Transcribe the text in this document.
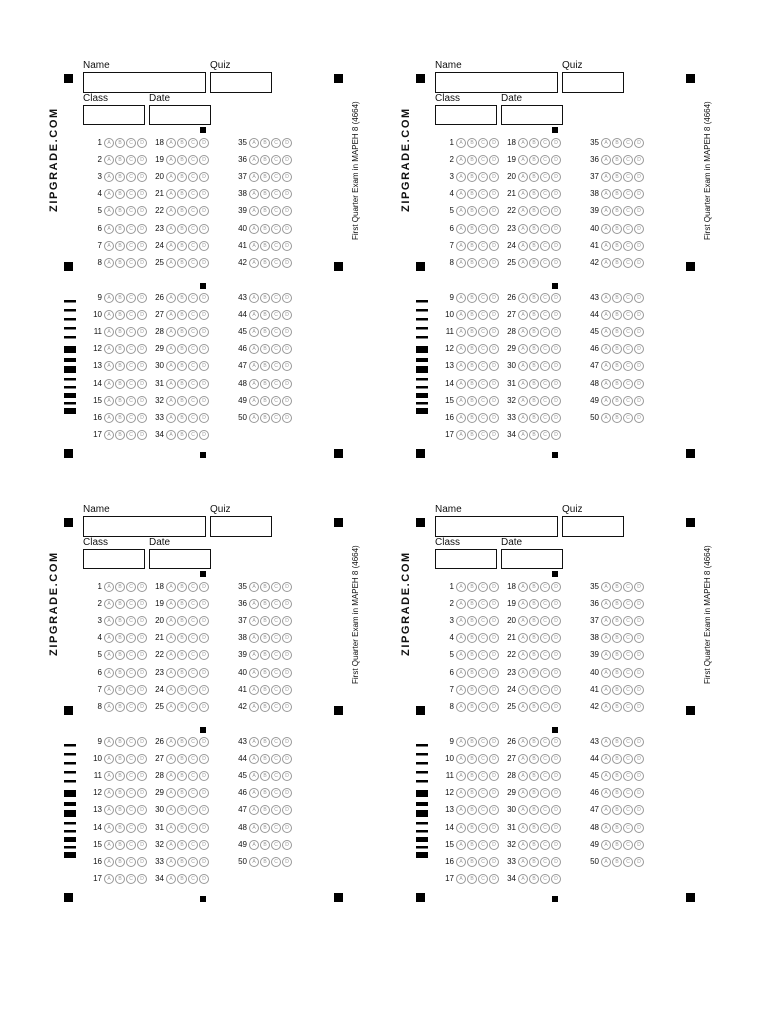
Name	Quiz
Class	Date
ZIPGRADE.COM	First Quarter Exam in MAPEH 8 (4664)
1 A B C D
2 A B C D
3 A B C D
4 A B C D
5 A B C D
6 A B C D
7 A B C D
8 A B C D
18 A B C D
19 A B C D
20 A B C D
21 A B C D
22 A B C D
23 A B C D
24 A B C D
25 A B C D
35 A B C D
36 A B C D
37 A B C D
38 A B C D
39 A B C D
40 A B C D
41 A B C D
42 A B C D
9 A B C D
10 A B C D
11 A B C D
12 A B C D
13 A B C D
14 A B C D
15 A B C D
16 A B C D
17 A B C D
26 A B C D
27 A B C D
28 A B C D
29 A B C D
30 A B C D
31 A B C D
32 A B C D
33 A B C D
34 A B C D
43 A B C D
44 A B C D
45 A B C D
46 A B C D
47 A B C D
48 A B C D
49 A B C D
50 A B C D
Name	Quiz
Class	Date
ZIPGRADE.COM	First Quarter Exam in MAPEH 8 (4664)
1 A B C D
2 A B C D
3 A B C D
4 A B C D
5 A B C D
6 A B C D
7 A B C D
8 A B C D
18 A B C D
19 A B C D
20 A B C D
21 A B C D
22 A B C D
23 A B C D
24 A B C D
25 A B C D
35 A B C D
36 A B C D
37 A B C D
38 A B C D
39 A B C D
40 A B C D
41 A B C D
42 A B C D
9 A B C D
10 A B C D
11 A B C D
12 A B C D
13 A B C D
14 A B C D
15 A B C D
16 A B C D
17 A B C D
26 A B C D
27 A B C D
28 A B C D
29 A B C D
30 A B C D
31 A B C D
32 A B C D
33 A B C D
34 A B C D
43 A B C D
44 A B C D
45 A B C D
46 A B C D
47 A B C D
48 A B C D
49 A B C D
50 A B C D
Name	Quiz
Class	Date
ZIPGRADE.COM	First Quarter Exam in MAPEH 8 (4664)
1 A B C D
2 A B C D
3 A B C D
4 A B C D
5 A B C D
6 A B C D
7 A B C D
8 A B C D
18 A B C D
19 A B C D
20 A B C D
21 A B C D
22 A B C D
23 A B C D
24 A B C D
25 A B C D
35 A B C D
36 A B C D
37 A B C D
38 A B C D
39 A B C D
40 A B C D
41 A B C D
42 A B C D
9 A B C D
10 A B C D
11 A B C D
12 A B C D
13 A B C D
14 A B C D
15 A B C D
16 A B C D
17 A B C D
26 A B C D
27 A B C D
28 A B C D
29 A B C D
30 A B C D
31 A B C D
32 A B C D
33 A B C D
34 A B C D
43 A B C D
44 A B C D
45 A B C D
46 A B C D
47 A B C D
48 A B C D
49 A B C D
50 A B C D
Name	Quiz
Class	Date
ZIPGRADE.COM	First Quarter Exam in MAPEH 8 (4664)
1 A B C D
2 A B C D
3 A B C D
4 A B C D
5 A B C D
6 A B C D
7 A B C D
8 A B C D
18 A B C D
19 A B C D
20 A B C D
21 A B C D
22 A B C D
23 A B C D
24 A B C D
25 A B C D
35 A B C D
36 A B C D
37 A B C D
38 A B C D
39 A B C D
40 A B C D
41 A B C D
42 A B C D
9 A B C D
10 A B C D
11 A B C D
12 A B C D
13 A B C D
14 A B C D
15 A B C D
16 A B C D
17 A B C D
26 A B C D
27 A B C D
28 A B C D
29 A B C D
30 A B C D
31 A B C D
32 A B C D
33 A B C D
34 A B C D
43 A B C D
44 A B C D
45 A B C D
46 A B C D
47 A B C D
48 A B C D
49 A B C D
50 A B C D
